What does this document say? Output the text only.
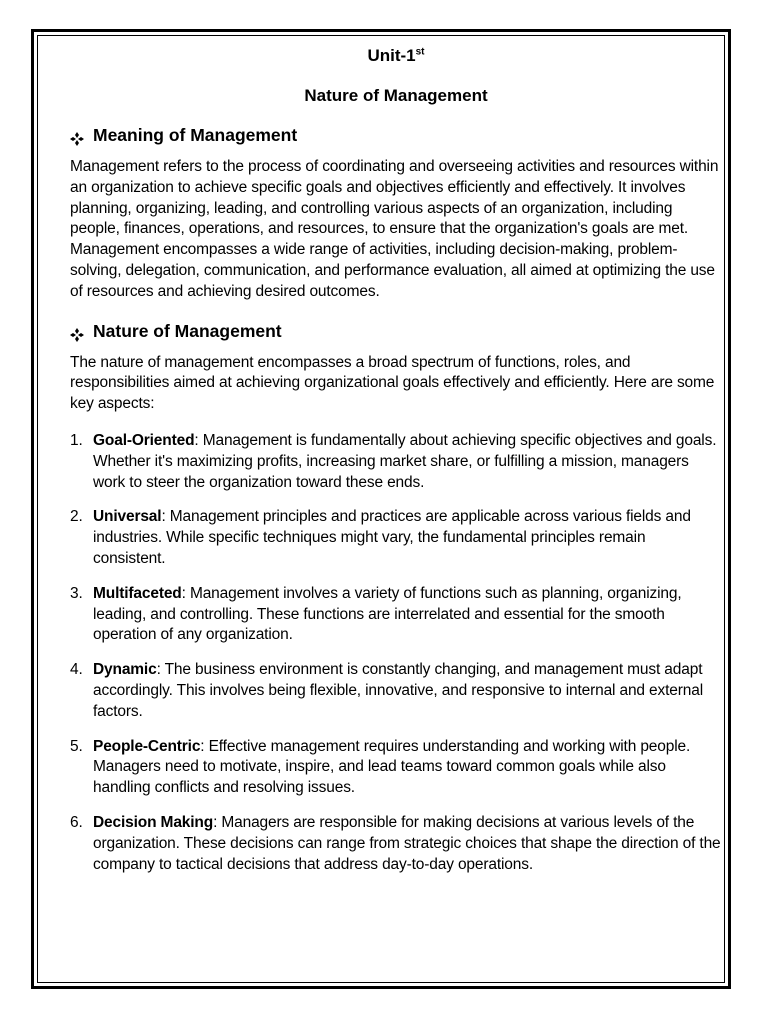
Unit-1st
Nature of Management
Meaning of Management

Management refers to the process of coordinating and overseeing activities and resources within an organization to achieve specific goals and objectives efficiently and effectively. It involves planning, organizing, leading, and controlling various aspects of an organization, including people, finances, operations, and resources, to ensure that the organization's goals are met. Management encompasses a wide range of activities, including decision-making, problem-solving, delegation, communication, and performance evaluation, all aimed at optimizing the use of resources and achieving desired outcomes.

Nature of Management

The nature of management encompasses a broad spectrum of functions, roles, and responsibilities aimed at achieving organizational goals effectively and efficiently. Here are some key aspects:

1. Goal-Oriented: Management is fundamentally about achieving specific objectives and goals. Whether it's maximizing profits, increasing market share, or fulfilling a mission, managers work to steer the organization toward these ends.
2. Universal: Management principles and practices are applicable across various fields and industries. While specific techniques might vary, the fundamental principles remain consistent.
3. Multifaceted: Management involves a variety of functions such as planning, organizing, leading, and controlling. These functions are interrelated and essential for the smooth operation of any organization.
4. Dynamic: The business environment is constantly changing, and management must adapt accordingly. This involves being flexible, innovative, and responsive to internal and external factors.
5. People-Centric: Effective management requires understanding and working with people. Managers need to motivate, inspire, and lead teams toward common goals while also handling conflicts and resolving issues.
6. Decision Making: Managers are responsible for making decisions at various levels of the organization. These decisions can range from strategic choices that shape the direction of the company to tactical decisions that address day-to-day operations.
